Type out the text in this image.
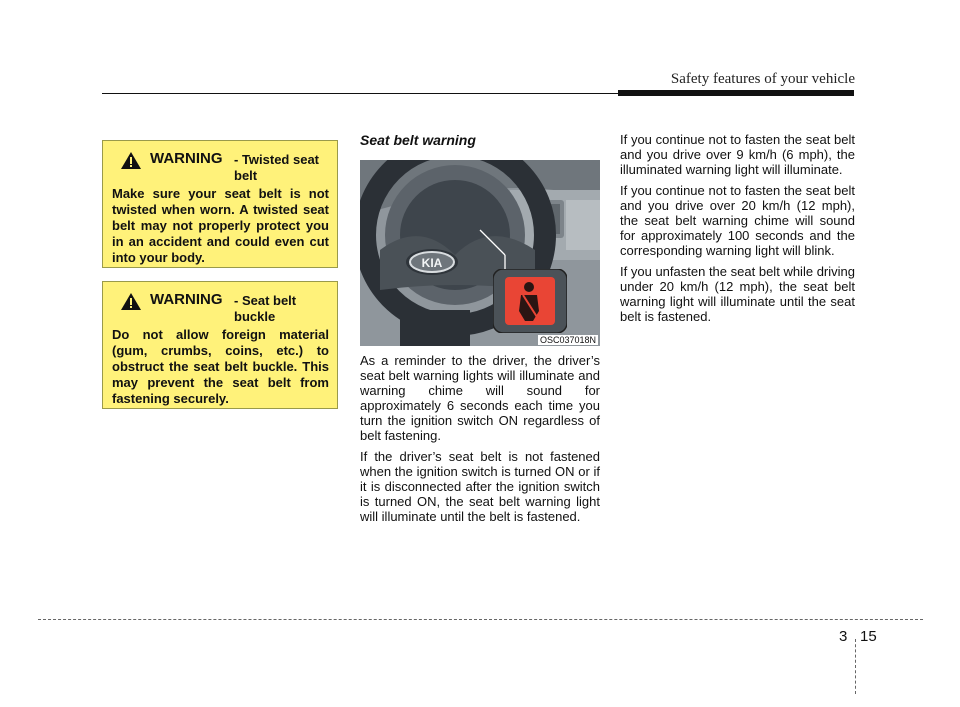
Safety features of your vehicle
WARNING - Twisted seat belt
Make sure your seat belt is not twisted when worn. A twisted seat belt may not properly protect you in an accident and could even cut into your body.
WARNING - Seat belt buckle
Do not allow foreign material (gum, crumbs, coins, etc.) to obstruct the seat belt buckle. This may prevent the seat belt from fastening securely.
Seat belt warning
KIA
OSC037018N

As a reminder to the driver, the driver’s seat belt warning lights will illuminate and warning chime will sound for approximately 6 seconds each time you turn the ignition switch ON regardless of belt fastening.

If the driver’s seat belt is not fastened when the ignition switch is turned ON or if it is disconnected after the ignition switch is turned ON, the seat belt warning light will illuminate until the belt is fastened.

If you continue not to fasten the seat belt and you drive over 9 km/h (6 mph), the illuminated warning light will illuminate.

If you continue not to fasten the seat belt and you drive over 20 km/h (12 mph), the seat belt warning chime will sound for approximately 100 seconds and the corresponding warning light will blink.

If you unfasten the seat belt while driving under 20 km/h (12 mph), the seat belt warning light will illuminate until the seat belt is fastened.

3 15
